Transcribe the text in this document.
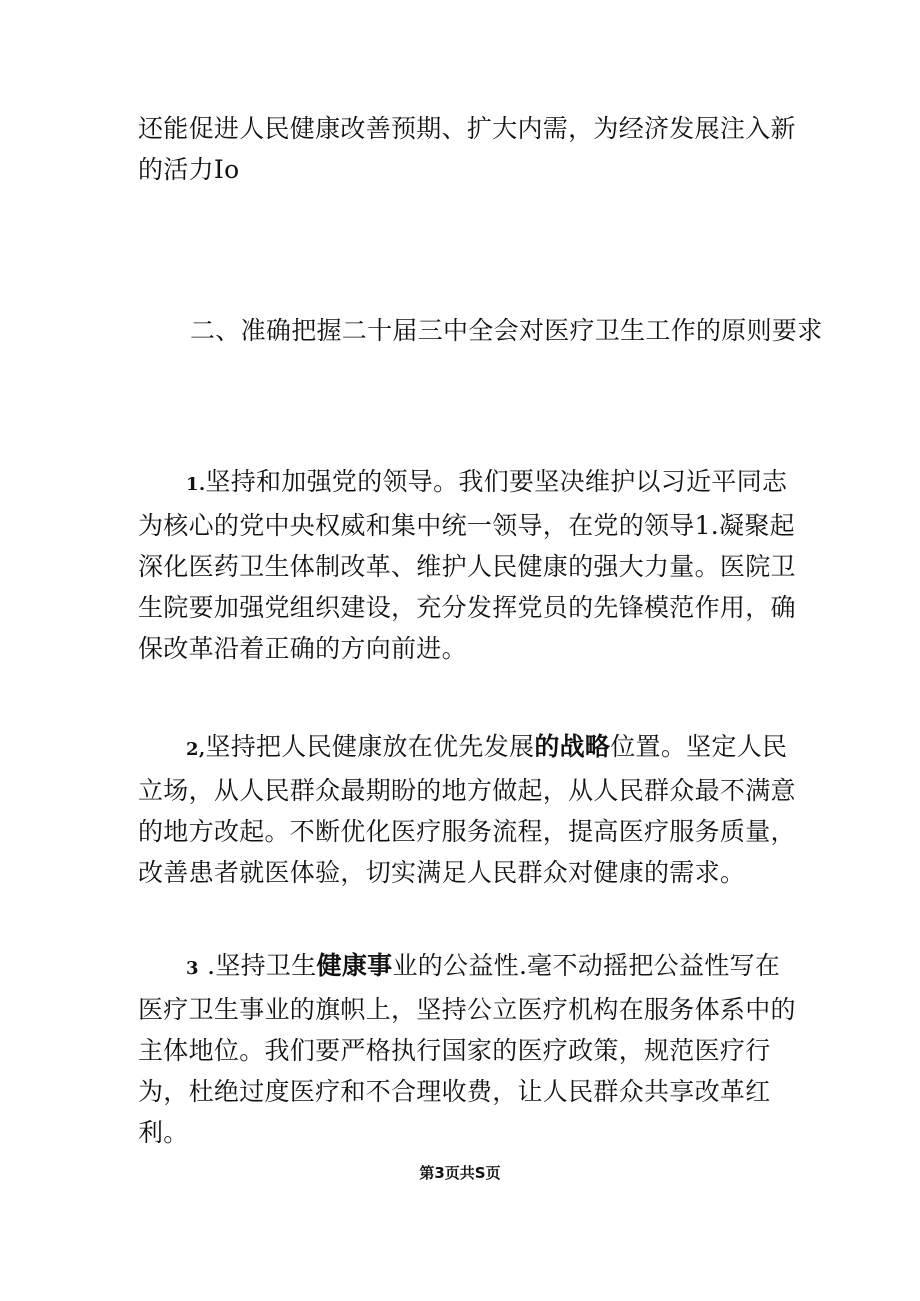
还能促进人民健康改善预期、扩大内需，为经济发展注入新的活力Io

二、准确把握二十届三中全会对医疗卫生工作的原则要求

1.坚持和加强党的领导。我们要坚决维护以习近平同志为核心的党中央权威和集中统一领导，在党的领导1.凝聚起深化医药卫生体制改革、维护人民健康的强大力量。医院卫生院要加强党组织建设，充分发挥党员的先锋模范作用，确保改革沿着正确的方向前进。

2,坚持把人民健康放在优先发展的战略位置。坚定人民立场，从人民群众最期盼的地方做起，从人民群众最不满意的地方改起。不断优化医疗服务流程，提高医疗服务质量，改善患者就医体验，切实满足人民群众对健康的需求。

3 .坚持卫生健康事业的公益性.毫不动摇把公益性写在医疗卫生事业的旗帜上，坚持公立医疗机构在服务体系中的主体地位。我们要严格执行国家的医疗政策，规范医疗行为，杜绝过度医疗和不合理收费，让人民群众共享改革红利。

第3页共S页
